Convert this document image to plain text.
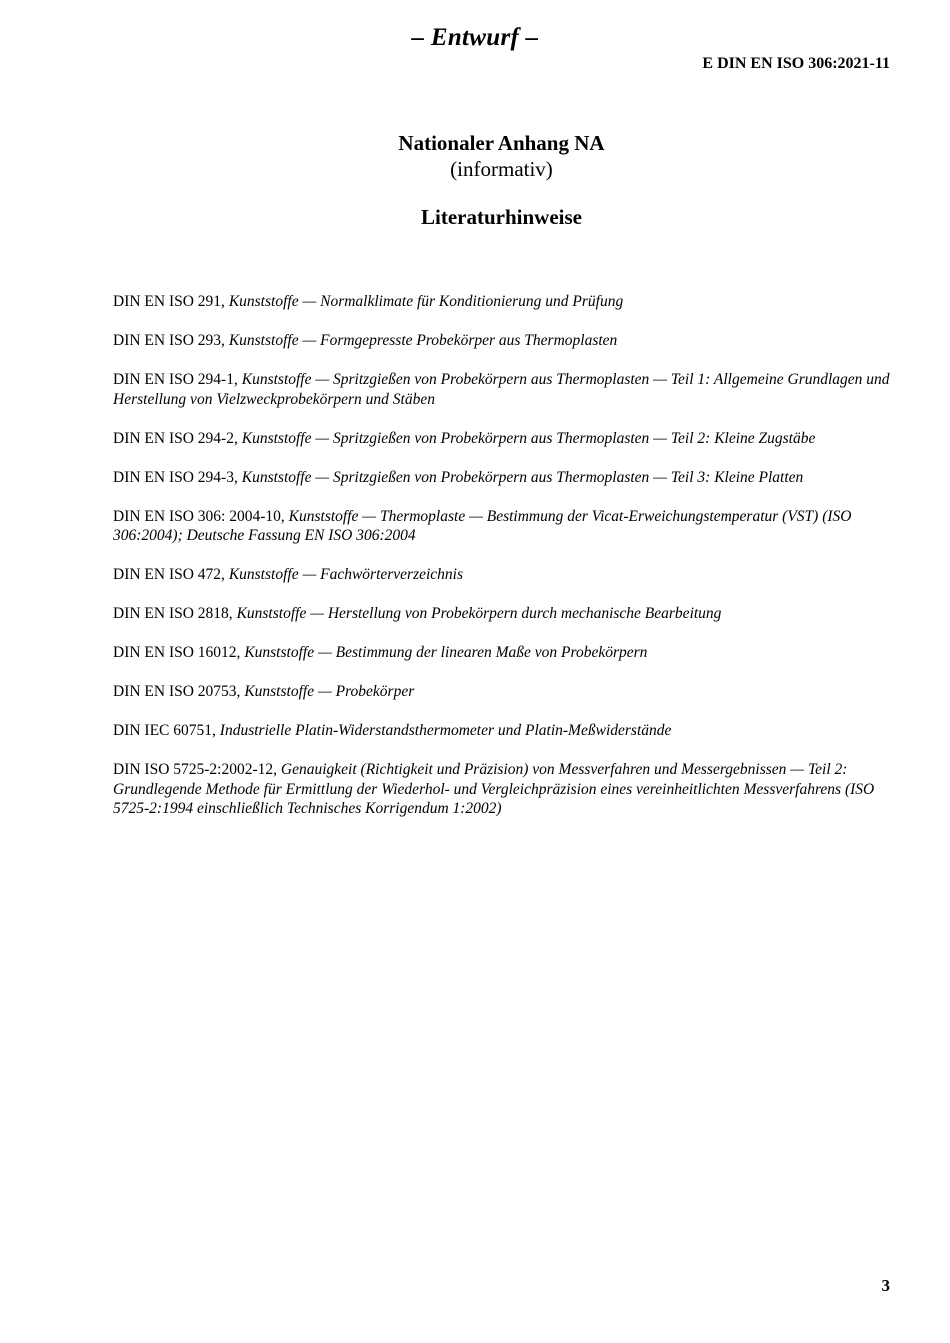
– Entwurf –
E DIN EN ISO 306:2021-11
Nationaler Anhang NA
(informativ)
Literaturhinweise
DIN EN ISO 291, Kunststoffe — Normalklimate für Konditionierung und Prüfung
DIN EN ISO 293, Kunststoffe — Formgepresste Probekörper aus Thermoplasten
DIN EN ISO 294-1, Kunststoffe — Spritzgießen von Probekörpern aus Thermoplasten — Teil 1: Allgemeine Grundlagen und Herstellung von Vielzweckprobekörpern und Stäben
DIN EN ISO 294-2, Kunststoffe — Spritzgießen von Probekörpern aus Thermoplasten — Teil 2: Kleine Zugstäbe
DIN EN ISO 294-3, Kunststoffe — Spritzgießen von Probekörpern aus Thermoplasten — Teil 3: Kleine Platten
DIN EN ISO 306: 2004-10, Kunststoffe — Thermoplaste — Bestimmung der Vicat-Erweichungstemperatur (VST) (ISO 306:2004); Deutsche Fassung EN ISO 306:2004
DIN EN ISO 472, Kunststoffe — Fachwörterverzeichnis
DIN EN ISO 2818, Kunststoffe — Herstellung von Probekörpern durch mechanische Bearbeitung
DIN EN ISO 16012, Kunststoffe — Bestimmung der linearen Maße von Probekörpern
DIN EN ISO 20753, Kunststoffe — Probekörper
DIN IEC 60751, Industrielle Platin-Widerstandsthermometer und Platin-Meßwiderstände
DIN ISO 5725-2:2002-12, Genauigkeit (Richtigkeit und Präzision) von Messverfahren und Messergebnissen — Teil 2: Grundlegende Methode für Ermittlung der Wiederhol- und Vergleichpräzision eines vereinheitlichten Messverfahrens (ISO 5725-2:1994 einschließlich Technisches Korrigendum 1:2002)
3
